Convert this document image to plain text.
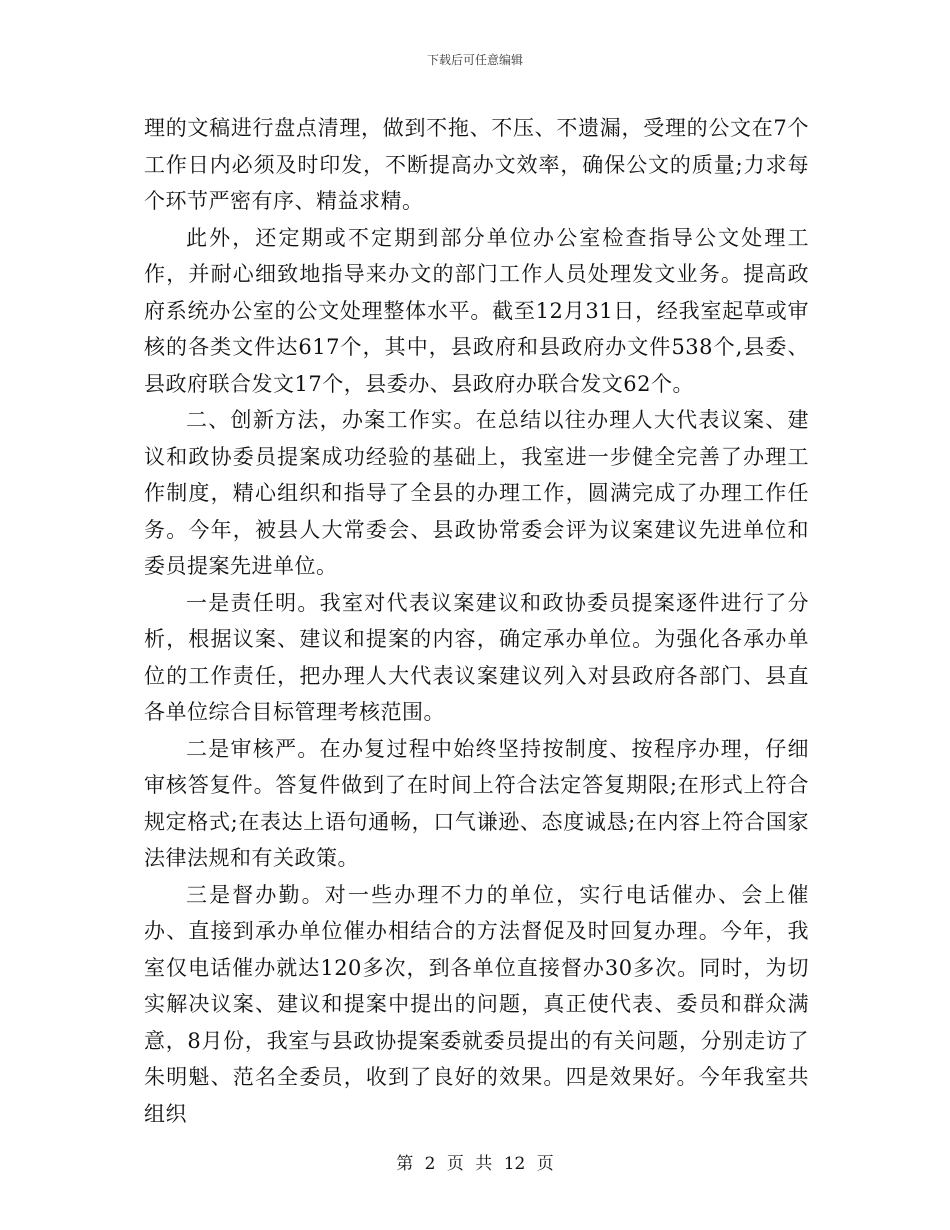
下载后可任意编辑

理的文稿进行盘点清理，做到不拖、不压、不遗漏，受理的公文在7个工作日内必须及时印发，不断提高办文效率，确保公文的质量;力求每个环节严密有序、精益求精。

此外，还定期或不定期到部分单位办公室检查指导公文处理工作，并耐心细致地指导来办文的部门工作人员处理发文业务。提高政府系统办公室的公文处理整体水平。截至12月31日，经我室起草或审核的各类文件达617个，其中，县政府和县政府办文件538个,县委、县政府联合发文17个，县委办、县政府办联合发文62个。

二、创新方法，办案工作实。在总结以往办理人大代表议案、建议和政协委员提案成功经验的基础上，我室进一步健全完善了办理工作制度，精心组织和指导了全县的办理工作，圆满完成了办理工作任务。今年，被县人大常委会、县政协常委会评为议案建议先进单位和委员提案先进单位。

一是责任明。我室对代表议案建议和政协委员提案逐件进行了分析，根据议案、建议和提案的内容，确定承办单位。为强化各承办单位的工作责任，把办理人大代表议案建议列入对县政府各部门、县直各单位综合目标管理考核范围。

二是审核严。在办复过程中始终坚持按制度、按程序办理，仔细审核答复件。答复件做到了在时间上符合法定答复期限;在形式上符合规定格式;在表达上语句通畅，口气谦逊、态度诚恳;在内容上符合国家法律法规和有关政策。

三是督办勤。对一些办理不力的单位，实行电话催办、会上催办、直接到承办单位催办相结合的方法督促及时回复办理。今年，我室仅电话催办就达120多次，到各单位直接督办30多次。同时，为切实解决议案、建议和提案中提出的问题，真正使代表、委员和群众满意，8月份，我室与县政协提案委就委员提出的有关问题，分别走访了朱明魁、范名全委员，收到了良好的效果。四是效果好。今年我室共组织

第 2 页 共 12 页
